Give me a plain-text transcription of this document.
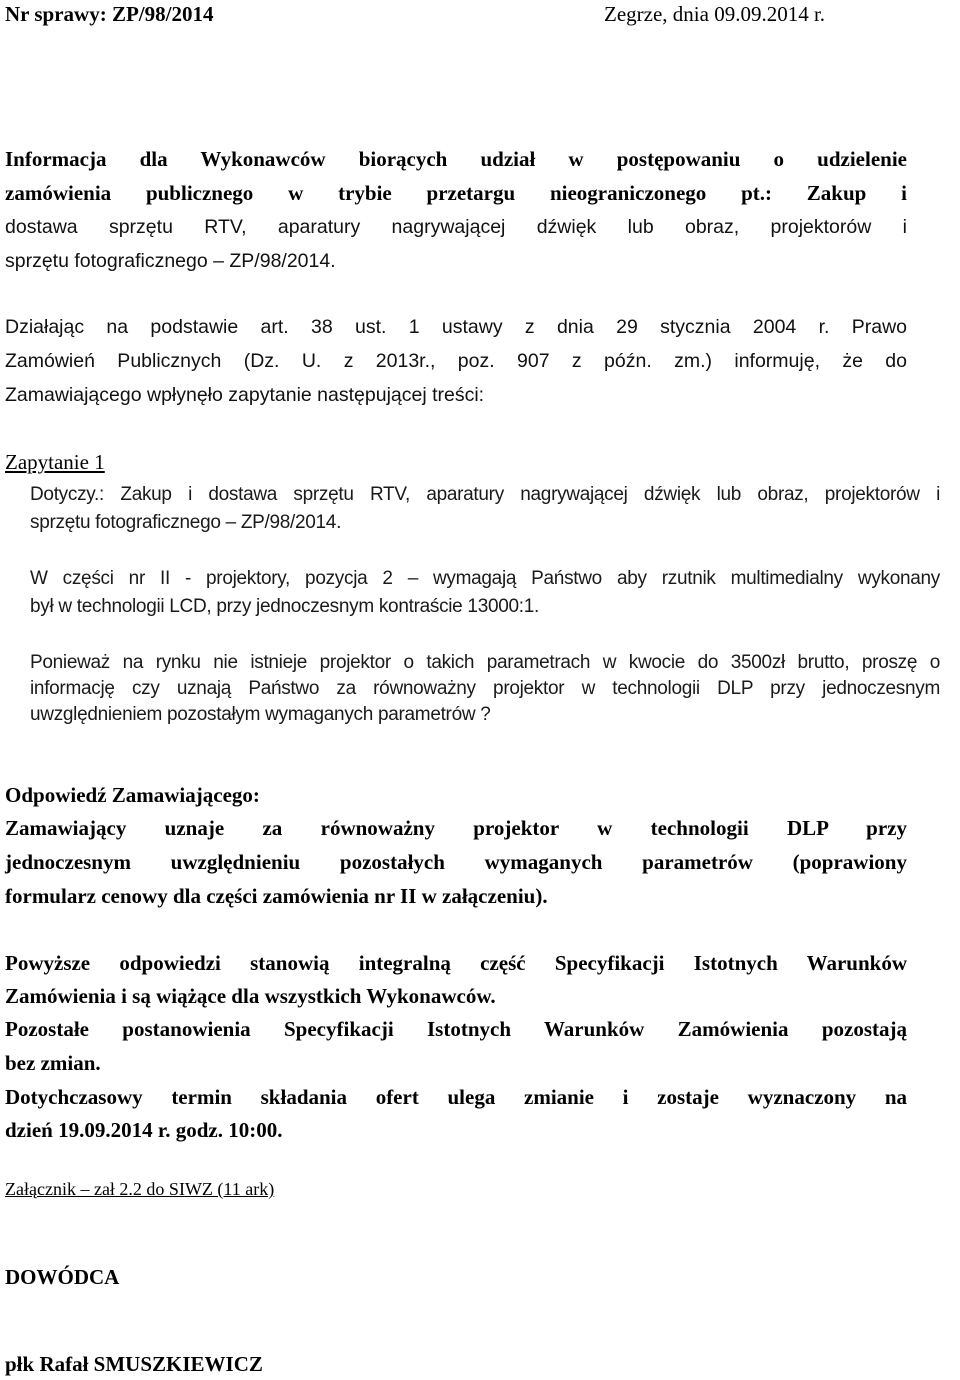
Nr sprawy: ZP/98/2014	Zegrze, dnia 09.09.2014 r.
Informacja dla Wykonawców biorących udział w postępowaniu o udzielenie
zamówienia publicznego w trybie przetargu nieograniczonego pt.: Zakup i
dostawa sprzętu RTV, aparatury nagrywającej dźwięk lub obraz, projektorów i
sprzętu fotograficznego – ZP/98/2014.
Działając na podstawie art. 38 ust. 1 ustawy z dnia 29 stycznia 2004 r. Prawo
Zamówień Publicznych (Dz. U. z 2013r., poz. 907 z późn. zm.) informuję, że do
Zamawiającego wpłynęło zapytanie następującej treści:
Zapytanie 1
Dotyczy.: Zakup i dostawa sprzętu RTV, aparatury nagrywającej dźwięk lub obraz, projektorów i
sprzętu fotograficznego – ZP/98/2014.
W części nr II - projektory, pozycja 2 – wymagają Państwo aby rzutnik multimedialny wykonany
był w technologii LCD, przy jednoczesnym kontraście 13000:1.
Ponieważ na rynku nie istnieje projektor o takich parametrach w kwocie do 3500zł brutto, proszę o
informację czy uznają Państwo za równoważny projektor w technologii DLP przy jednoczesnym
uwzględnieniem pozostałym wymaganych parametrów ?
Odpowiedź Zamawiającego:
Zamawiający uznaje za równoważny projektor w technologii DLP przy
jednoczesnym uwzględnieniu pozostałych wymaganych parametrów (poprawiony
formularz cenowy dla części zamówienia nr II w załączeniu).
Powyższe odpowiedzi stanowią integralną część Specyfikacji Istotnych Warunków
Zamówienia i są wiążące dla wszystkich Wykonawców.
Pozostałe postanowienia Specyfikacji Istotnych Warunków Zamówienia pozostają
bez zmian.
Dotychczasowy termin składania ofert ulega zmianie i zostaje wyznaczony na
dzień 19.09.2014 r. godz. 10:00.
Załącznik – zał 2.2 do SIWZ (11 ark)
DOWÓDCA
płk Rafał SMUSZKIEWICZ
